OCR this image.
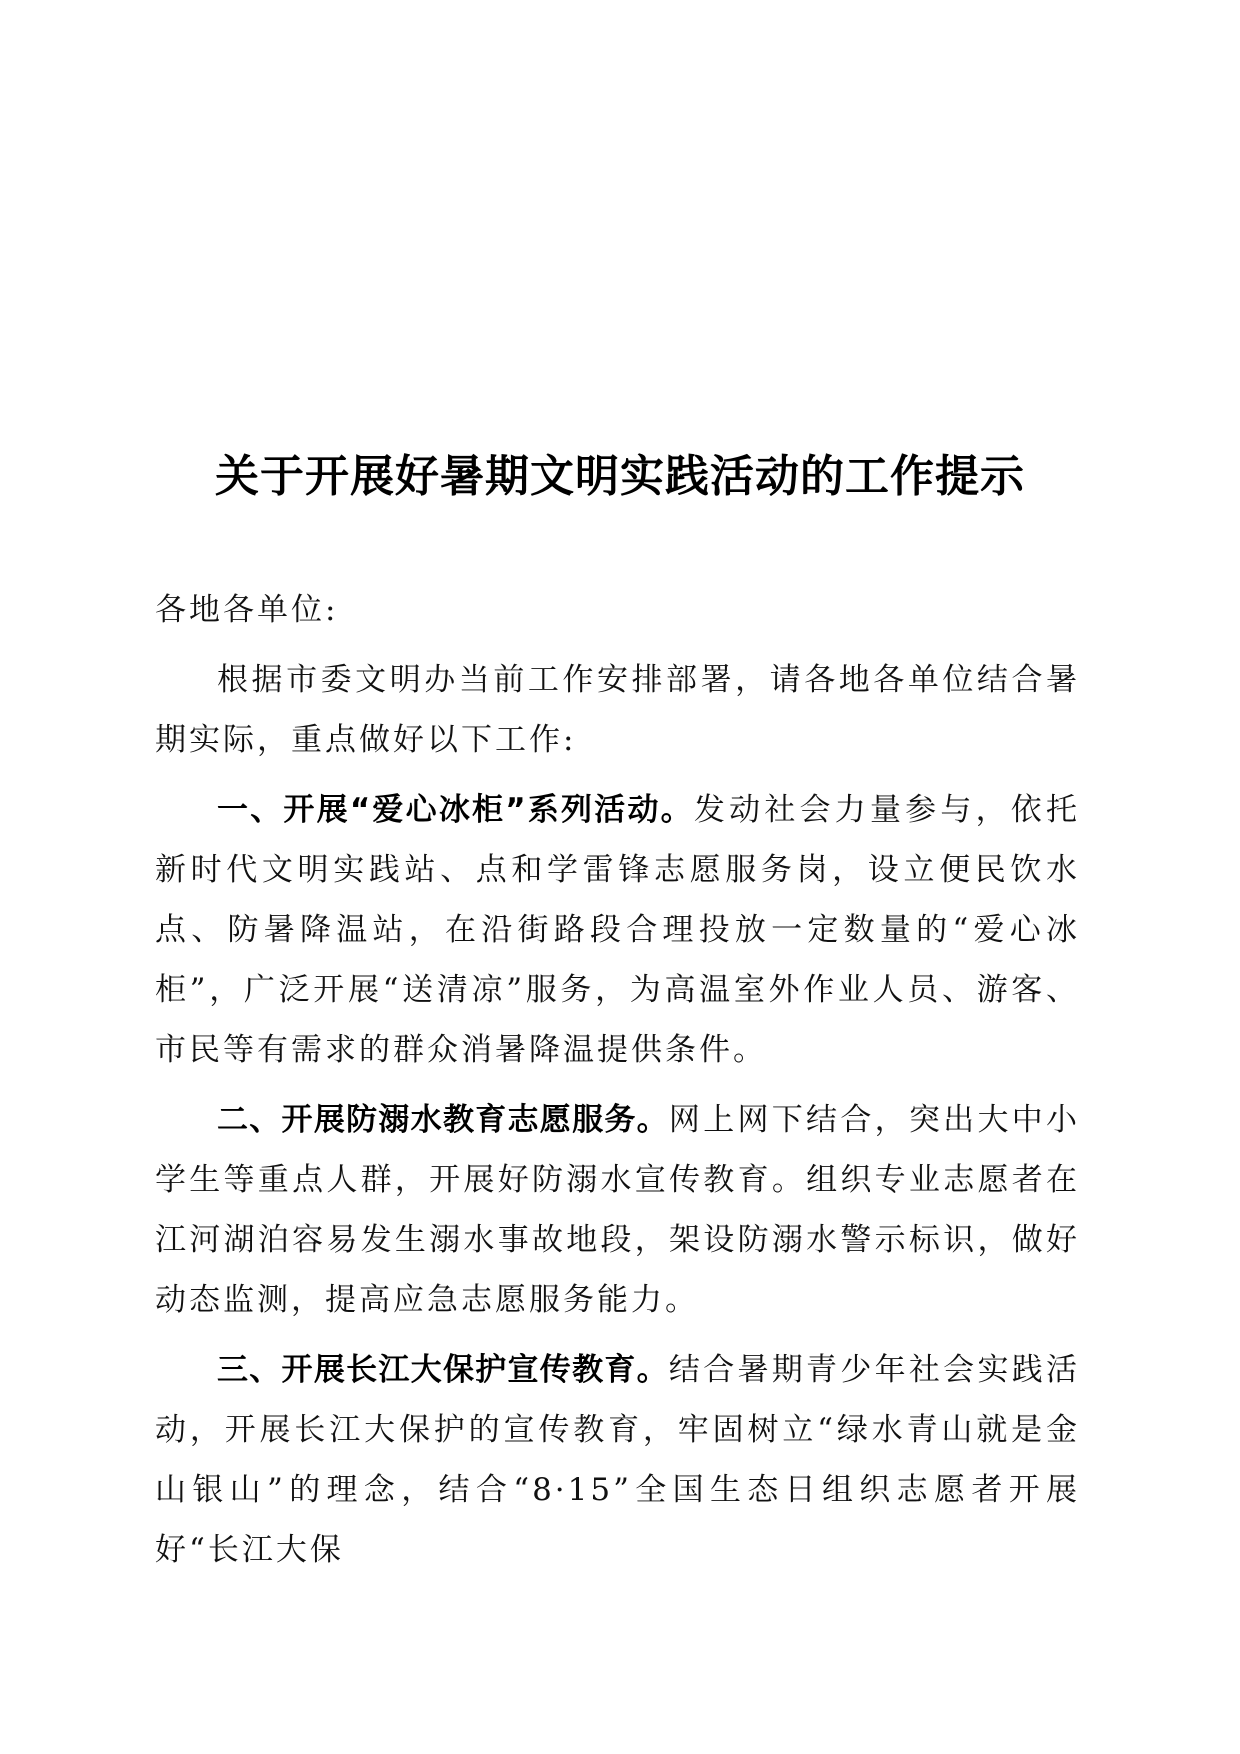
关于开展好暑期文明实践活动的工作提示

各地各单位:

根据市委文明办当前工作安排部署，请各地各单位结合暑期实际，重点做好以下工作:

一、开展“爱心冰柜”系列活动。发动社会力量参与，依托新时代文明实践站、点和学雷锋志愿服务岗，设立便民饮水点、防暑降温站，在沿街路段合理投放一定数量的“爱心冰柜”，广泛开展“送清凉”服务，为高温室外作业人员、游客、市民等有需求的群众消暑降温提供条件。

二、开展防溺水教育志愿服务。网上网下结合，突出大中小学生等重点人群，开展好防溺水宣传教育。组织专业志愿者在江河湖泊容易发生溺水事故地段，架设防溺水警示标识，做好动态监测，提高应急志愿服务能力。

三、开展长江大保护宣传教育。结合暑期青少年社会实践活动，开展长江大保护的宣传教育，牢固树立“绿水青山就是金山银山”的理念，结合“8·15”全国生态日组织志愿者开展好“长江大保
